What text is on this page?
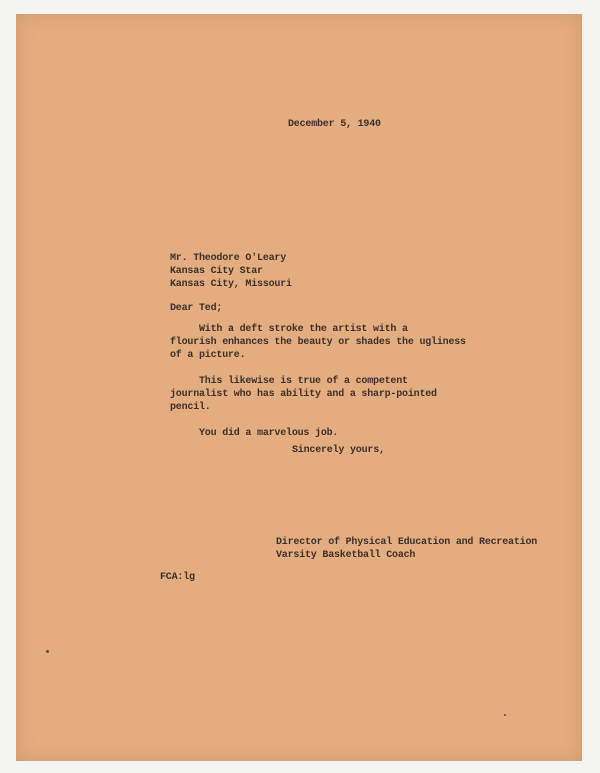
December 5, 1940
Mr. Theodore O'Leary
Kansas City Star
Kansas City, Missouri
Dear Ted;
With a deft stroke the artist with a
flourish enhances the beauty or shades the ugliness
of a picture.

This likewise is true of a competent
journalist who has ability and a sharp-pointed
pencil.

You did a marvelous job.
Sincerely yours,
Director of Physical Education and Recreation
Varsity Basketball Coach
FCA:lg
